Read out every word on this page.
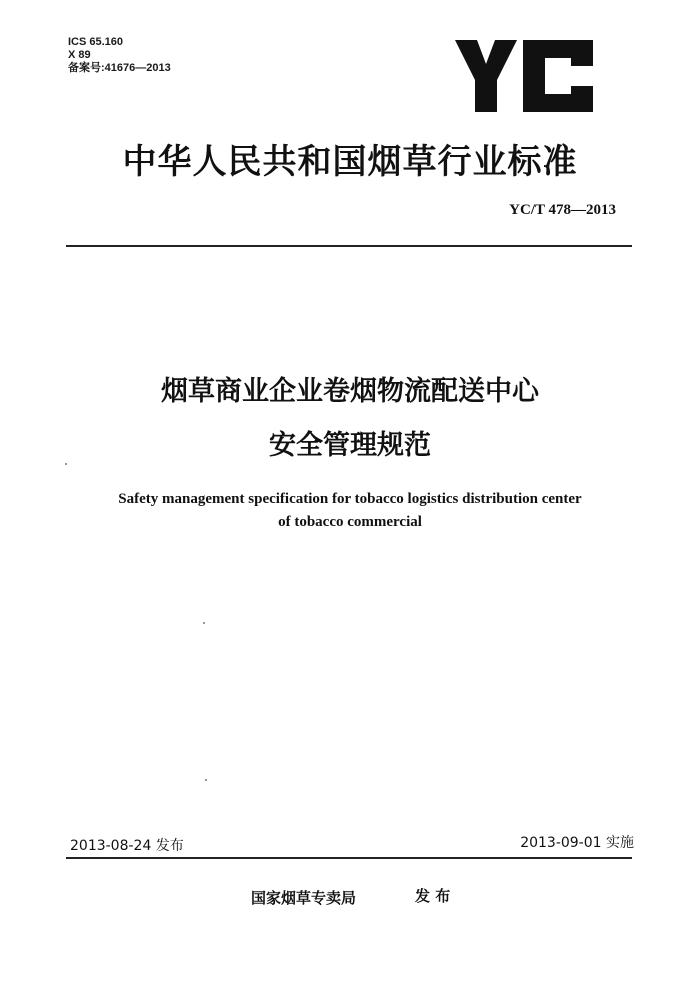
ICS 65.160
X 89
备案号:41676—2013
中华人民共和国烟草行业标准
YC/T 478—2013
烟草商业企业卷烟物流配送中心
安全管理规范
Safety management specification for tobacco logistics distribution center
of tobacco commercial
2013-08-24 发布	2013-09-01 实施
国家烟草专卖局	发 布
